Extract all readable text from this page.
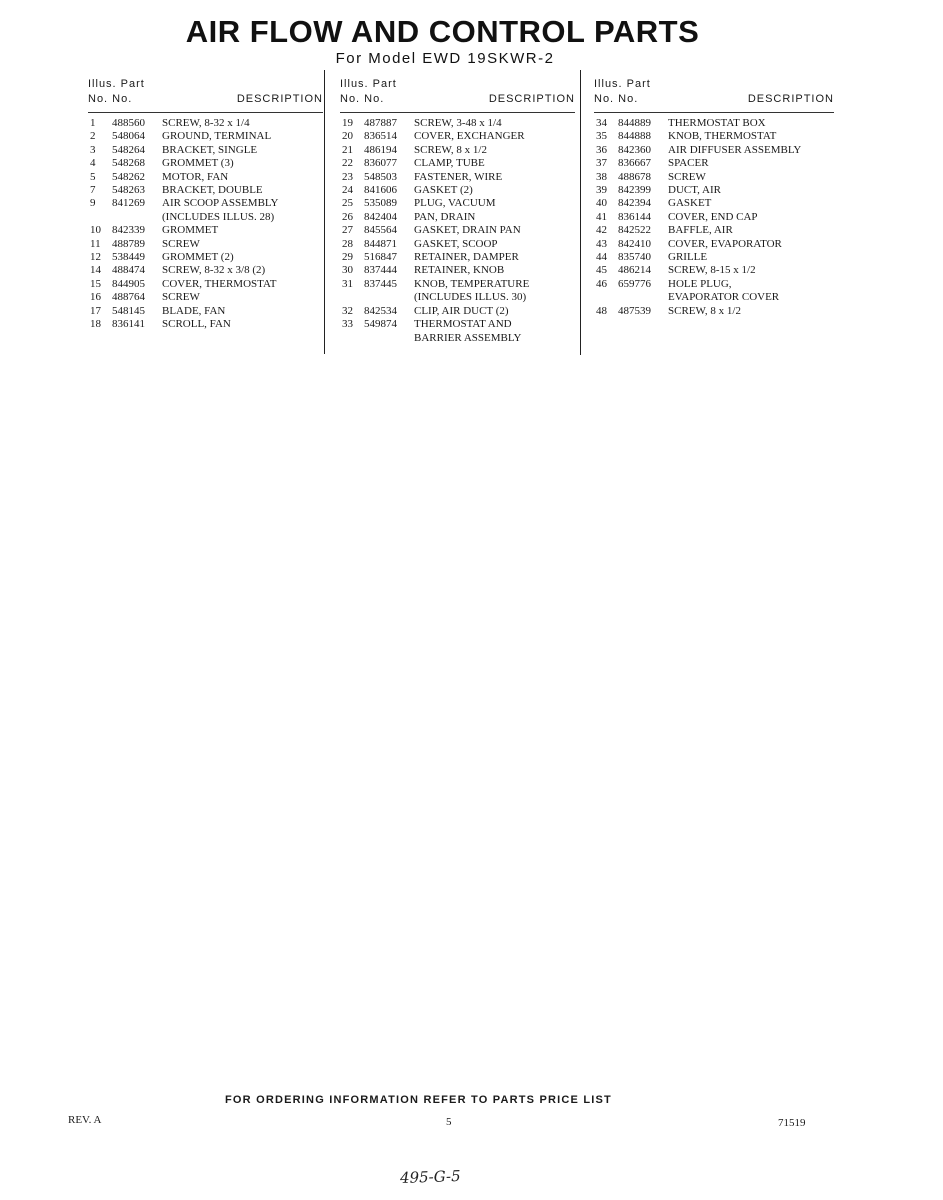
AIR FLOW AND CONTROL PARTS
For Model EWD 19SKWR-2
Illus. Part
No. No.	DESCRIPTION
1	488560	SCREW, 8-32 x 1/4
2	548064	GROUND, TERMINAL
3	548264	BRACKET, SINGLE
4	548268	GROMMET (3)
5	548262	MOTOR, FAN
7	548263	BRACKET, DOUBLE
9	841269	AIR SCOOP ASSEMBLY
(INCLUDES ILLUS. 28)
10	842339	GROMMET
11	488789	SCREW
12	538449	GROMMET (2)
14	488474	SCREW, 8-32 x 3/8 (2)
15	844905	COVER, THERMOSTAT
16	488764	SCREW
17	548145	BLADE, FAN
18	836141	SCROLL, FAN
Illus. Part
No. No.	DESCRIPTION
19	487887	SCREW, 3-48 x 1/4
20	836514	COVER, EXCHANGER
21	486194	SCREW, 8 x 1/2
22	836077	CLAMP, TUBE
23	548503	FASTENER, WIRE
24	841606	GASKET (2)
25	535089	PLUG, VACUUM
26	842404	PAN, DRAIN
27	845564	GASKET, DRAIN PAN
28	844871	GASKET, SCOOP
29	516847	RETAINER, DAMPER
30	837444	RETAINER, KNOB
31	837445	KNOB, TEMPERATURE
(INCLUDES ILLUS. 30)
32	842534	CLIP, AIR DUCT (2)
33	549874	THERMOSTAT AND
BARRIER ASSEMBLY
Illus. Part
No. No.	DESCRIPTION
34	844889	THERMOSTAT BOX
35	844888	KNOB, THERMOSTAT
36	842360	AIR DIFFUSER ASSEMBLY
37	836667	SPACER
38	488678	SCREW
39	842399	DUCT, AIR
40	842394	GASKET
41	836144	COVER, END CAP
42	842522	BAFFLE, AIR
43	842410	COVER, EVAPORATOR
44	835740	GRILLE
45	486214	SCREW, 8-15 x 1/2
46	659776	HOLE PLUG,
EVAPORATOR COVER
48	487539	SCREW, 8 x 1/2
FOR ORDERING INFORMATION REFER TO PARTS PRICE LIST
REV. A	5	71519
495-G-5
